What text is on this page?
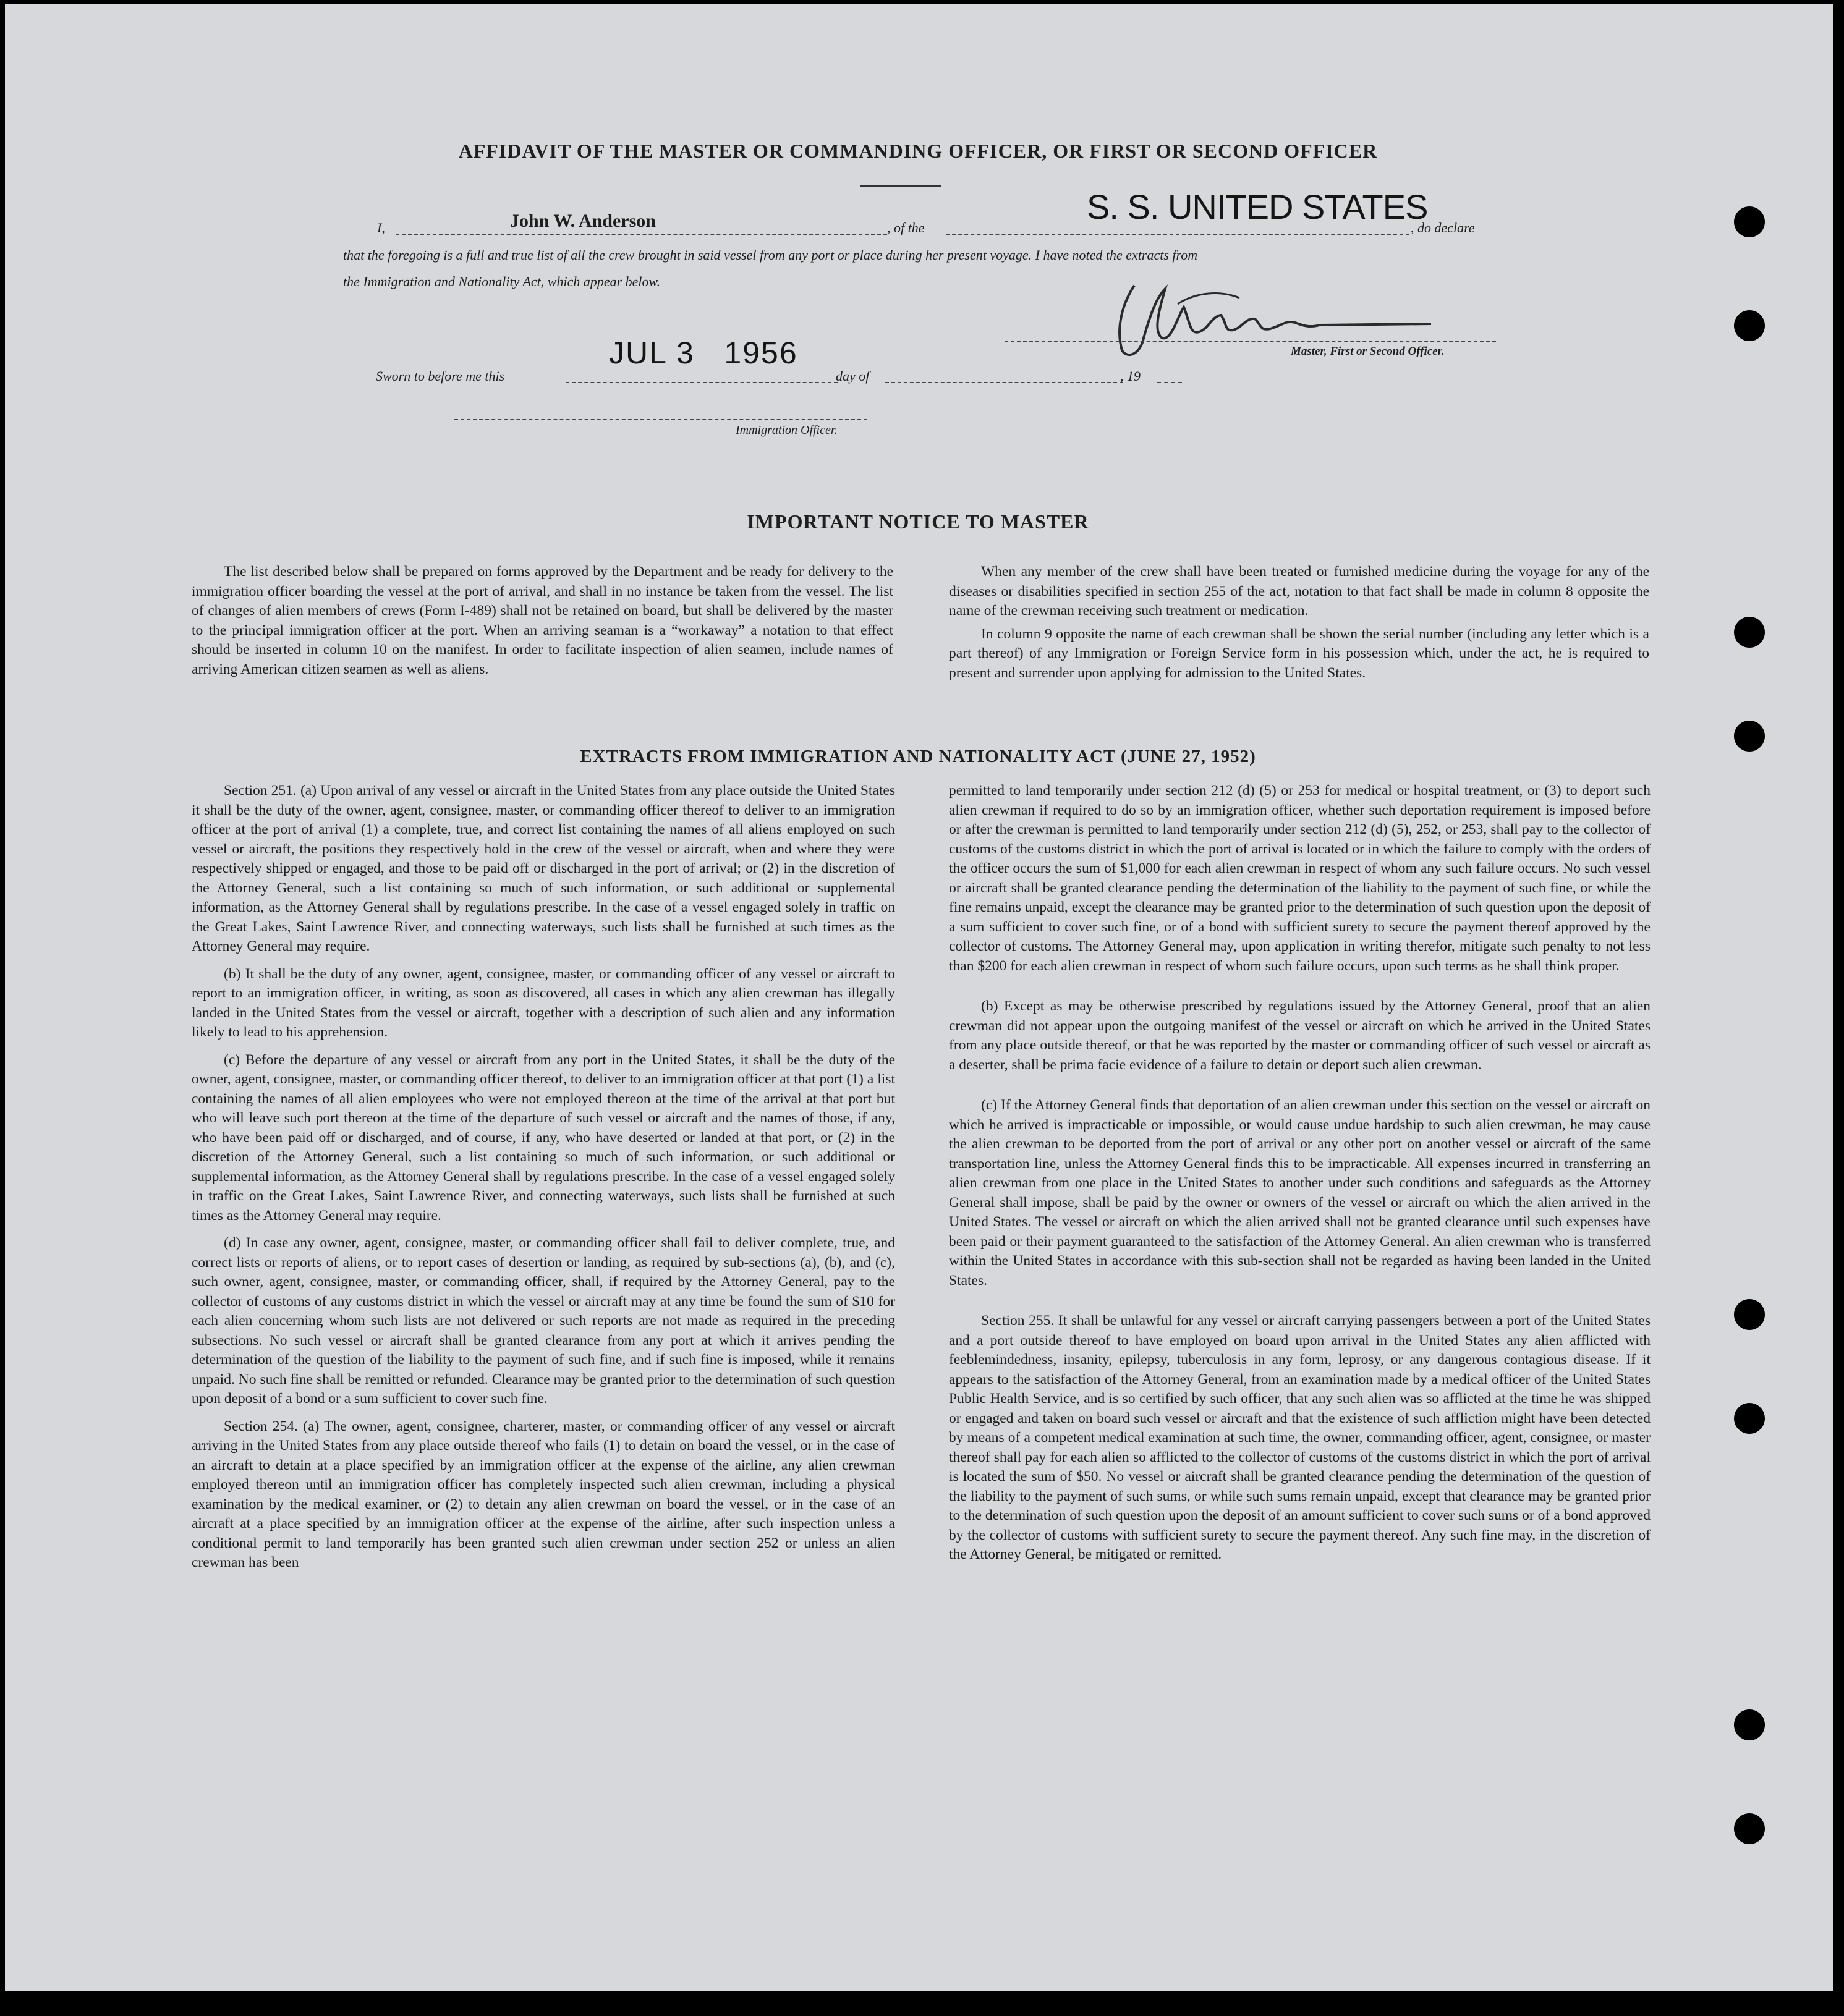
AFFIDAVIT OF THE MASTER OR COMMANDING OFFICER, OR FIRST OR SECOND OFFICER
I,	John W. Anderson	, of the
S. S. UNITED STATES
, do declare
that the foregoing is a full and true list of all the crew brought in said vessel from any port or place during her present voyage. I have noted the extracts from
the Immigration and Nationality Act, which appear below.
Master, First or Second Officer.
Sworn to before me this
JUL 3   1956
day of	, 19
Immigration Officer.
IMPORTANT NOTICE TO MASTER

The list described below shall be prepared on forms approved by the Department and be ready for delivery to the immigration officer boarding the vessel at the port of arrival, and shall in no instance be taken from the vessel. The list of changes of alien members of crews (Form I-489) shall not be retained on board, but shall be delivered by the master to the principal immigration officer at the port. When an arriving seaman is a “workaway” a notation to that effect should be inserted in column 10 on the manifest. In order to facilitate inspection of alien seamen, include names of arriving American citizen seamen as well as aliens.

When any member of the crew shall have been treated or furnished medicine during the voyage for any of the diseases or disabilities specified in section 255 of the act, notation to that fact shall be made in column 8 opposite the name of the crewman receiving such treatment or medication.

In column 9 opposite the name of each crewman shall be shown the serial number (including any letter which is a part thereof) of any Immigration or Foreign Service form in his possession which, under the act, he is required to present and surrender upon applying for admission to the United States.

EXTRACTS FROM IMMIGRATION AND NATIONALITY ACT (JUNE 27, 1952)

Section 251. (a) Upon arrival of any vessel or aircraft in the United States from any place outside the United States it shall be the duty of the owner, agent, consignee, master, or commanding officer thereof to deliver to an immigration officer at the port of arrival (1) a complete, true, and correct list containing the names of all aliens employed on such vessel or aircraft, the positions they respectively hold in the crew of the vessel or aircraft, when and where they were respectively shipped or engaged, and those to be paid off or discharged in the port of arrival; or (2) in the discretion of the Attorney General, such a list containing so much of such information, or such additional or supplemental information, as the Attorney General shall by regulations prescribe. In the case of a vessel engaged solely in traffic on the Great Lakes, Saint Lawrence River, and connecting waterways, such lists shall be furnished at such times as the Attorney General may require.

(b) It shall be the duty of any owner, agent, consignee, master, or commanding officer of any vessel or aircraft to report to an immigration officer, in writing, as soon as discovered, all cases in which any alien crewman has illegally landed in the United States from the vessel or aircraft, together with a description of such alien and any information likely to lead to his apprehension.

(c) Before the departure of any vessel or aircraft from any port in the United States, it shall be the duty of the owner, agent, consignee, master, or commanding officer thereof, to deliver to an immigration officer at that port (1) a list containing the names of all alien employees who were not employed thereon at the time of the arrival at that port but who will leave such port thereon at the time of the departure of such vessel or aircraft and the names of those, if any, who have been paid off or discharged, and of course, if any, who have deserted or landed at that port, or (2) in the discretion of the Attorney General, such a list containing so much of such information, or such additional or supplemental information, as the Attorney General shall by regulations prescribe. In the case of a vessel engaged solely in traffic on the Great Lakes, Saint Lawrence River, and connecting waterways, such lists shall be furnished at such times as the Attorney General may require.

(d) In case any owner, agent, consignee, master, or commanding officer shall fail to deliver complete, true, and correct lists or reports of aliens, or to report cases of desertion or landing, as required by sub-sections (a), (b), and (c), such owner, agent, consignee, master, or commanding officer, shall, if required by the Attorney General, pay to the collector of customs of any customs district in which the vessel or aircraft may at any time be found the sum of $10 for each alien concerning whom such lists are not delivered or such reports are not made as required in the preceding subsections. No such vessel or aircraft shall be granted clearance from any port at which it arrives pending the determination of the question of the liability to the payment of such fine, and if such fine is imposed, while it remains unpaid. No such fine shall be remitted or refunded. Clearance may be granted prior to the determination of such question upon deposit of a bond or a sum sufficient to cover such fine.

Section 254. (a) The owner, agent, consignee, charterer, master, or commanding officer of any vessel or aircraft arriving in the United States from any place outside thereof who fails (1) to detain on board the vessel, or in the case of an aircraft to detain at a place specified by an immigration officer at the expense of the airline, any alien crewman employed thereon until an immigration officer has completely inspected such alien crewman, including a physical examination by the medical examiner, or (2) to detain any alien crewman on board the vessel, or in the case of an aircraft at a place specified by an immigration officer at the expense of the airline, after such inspection unless a conditional permit to land temporarily has been granted such alien crewman under section 252 or unless an alien crewman has been

permitted to land temporarily under section 212 (d) (5) or 253 for medical or hospital treatment, or (3) to deport such alien crewman if required to do so by an immigration officer, whether such deportation requirement is imposed before or after the crewman is permitted to land temporarily under section 212 (d) (5), 252, or 253, shall pay to the collector of customs of the customs district in which the port of arrival is located or in which the failure to comply with the orders of the officer occurs the sum of $1,000 for each alien crewman in respect of whom any such failure occurs. No such vessel or aircraft shall be granted clearance pending the determination of the liability to the payment of such fine, or while the fine remains unpaid, except the clearance may be granted prior to the determination of such question upon the deposit of a sum sufficient to cover such fine, or of a bond with sufficient surety to secure the payment thereof approved by the collector of customs. The Attorney General may, upon application in writing therefor, mitigate such penalty to not less than $200 for each alien crewman in respect of whom such failure occurs, upon such terms as he shall think proper.

(b) Except as may be otherwise prescribed by regulations issued by the Attorney General, proof that an alien crewman did not appear upon the outgoing manifest of the vessel or aircraft on which he arrived in the United States from any place outside thereof, or that he was reported by the master or commanding officer of such vessel or aircraft as a deserter, shall be prima facie evidence of a failure to detain or deport such alien crewman.

(c) If the Attorney General finds that deportation of an alien crewman under this section on the vessel or aircraft on which he arrived is impracticable or impossible, or would cause undue hardship to such alien crewman, he may cause the alien crewman to be deported from the port of arrival or any other port on another vessel or aircraft of the same transportation line, unless the Attorney General finds this to be impracticable. All expenses incurred in transferring an alien crewman from one place in the United States to another under such conditions and safeguards as the Attorney General shall impose, shall be paid by the owner or owners of the vessel or aircraft on which the alien arrived in the United States. The vessel or aircraft on which the alien arrived shall not be granted clearance until such expenses have been paid or their payment guaranteed to the satisfaction of the Attorney General. An alien crewman who is transferred within the United States in accordance with this sub-section shall not be regarded as having been landed in the United States.

Section 255. It shall be unlawful for any vessel or aircraft carrying passengers between a port of the United States and a port outside thereof to have employed on board upon arrival in the United States any alien afflicted with feeblemindedness, insanity, epilepsy, tuberculosis in any form, leprosy, or any dangerous contagious disease. If it appears to the satisfaction of the Attorney General, from an examination made by a medical officer of the United States Public Health Service, and is so certified by such officer, that any such alien was so afflicted at the time he was shipped or engaged and taken on board such vessel or aircraft and that the existence of such affliction might have been detected by means of a competent medical examination at such time, the owner, commanding officer, agent, consignee, or master thereof shall pay for each alien so afflicted to the collector of customs of the customs district in which the port of arrival is located the sum of $50. No vessel or aircraft shall be granted clearance pending the determination of the question of the liability to the payment of such sums, or while such sums remain unpaid, except that clearance may be granted prior to the determination of such question upon the deposit of an amount sufficient to cover such sums or of a bond approved by the collector of customs with sufficient surety to secure the payment thereof. Any such fine may, in the discretion of the Attorney General, be mitigated or remitted.
